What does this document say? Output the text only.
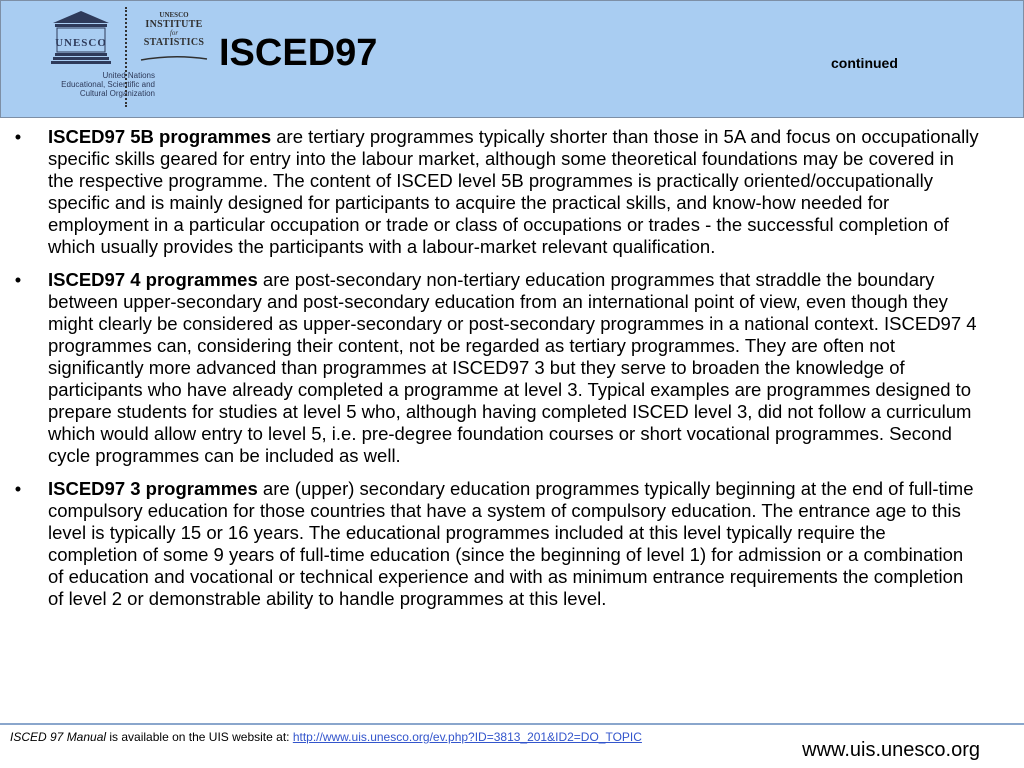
UNESCO
United Nations
Educational, Scientific and
Cultural Organization
UNESCO
INSTITUTE
for
STATISTICS ISCED97	continued
• ISCED97 5B programmes are tertiary programmes typically shorter than those in 5A and focus on occupationally specific skills geared for entry into the labour market, although some theoretical foundations may be covered in the respective programme. The content of ISCED level 5B programmes is practically oriented/occupationally specific and is mainly designed for participants to acquire the practical skills, and know-how needed for employment in a particular occupation or trade or class of occupations or trades - the successful completion of which usually provides the participants with a labour-market relevant qualification.
• ISCED97 4 programmes are post-secondary non-tertiary education programmes that straddle the boundary between upper-secondary and post-secondary education from an international point of view, even though they might clearly be considered as upper-secondary or post-secondary programmes in a national context. ISCED97 4 programmes can, considering their content, not be regarded as tertiary programmes. They are often not significantly more advanced than programmes at ISCED97 3 but they serve to broaden the knowledge of participants who have already completed a programme at level 3. Typical examples are programmes designed to prepare students for studies at level 5 who, although having completed ISCED level 3, did not follow a curriculum which would allow entry to level 5, i.e. pre-degree foundation courses or short vocational programmes. Second cycle programmes can be included as well.
• ISCED97 3 programmes are (upper) secondary education programmes typically beginning at the end of full-time compulsory education for those countries that have a system of compulsory education. The entrance age to this level is typically 15 or 16 years. The educational programmes included at this level typically require the completion of some 9 years of full-time education (since the beginning of level 1) for admission or a combination of education and vocational or technical experience and with as minimum entrance requirements the completion of level 2 or demonstrable ability to handle programmes at this level.
ISCED 97 Manual is available on the UIS website at: http://www.uis.unesco.org/ev.php?ID=3813_201&ID2=DO_TOPIC
www.uis.unesco.org
